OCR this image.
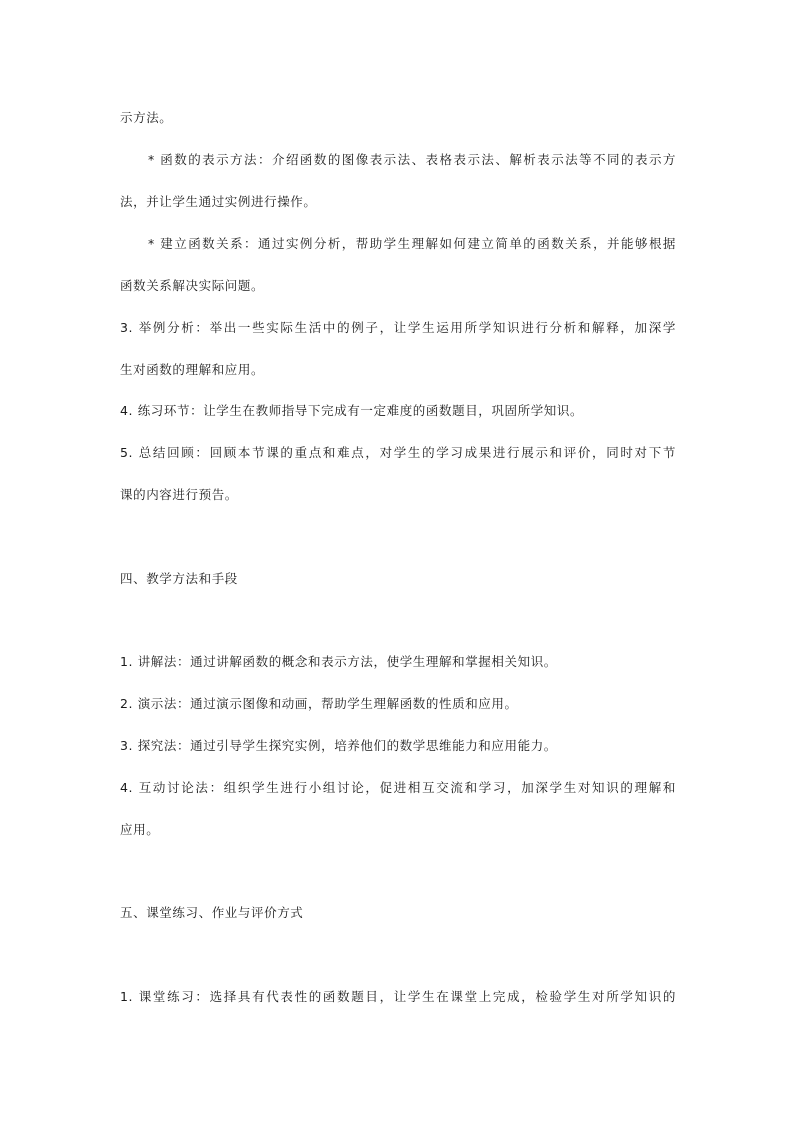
示方法。
* 函数的表示方法：介绍函数的图像表示法、表格表示法、解析表示法等不同的表示方
法，并让学生通过实例进行操作。
* 建立函数关系：通过实例分析，帮助学生理解如何建立简单的函数关系，并能够根据
函数关系解决实际问题。
3. 举例分析：举出一些实际生活中的例子，让学生运用所学知识进行分析和解释，加深学
生对函数的理解和应用。
4. 练习环节：让学生在教师指导下完成有一定难度的函数题目，巩固所学知识。
5. 总结回顾：回顾本节课的重点和难点，对学生的学习成果进行展示和评价，同时对下节
课的内容进行预告。
四、教学方法和手段
1. 讲解法：通过讲解函数的概念和表示方法，使学生理解和掌握相关知识。
2. 演示法：通过演示图像和动画，帮助学生理解函数的性质和应用。
3. 探究法：通过引导学生探究实例，培养他们的数学思维能力和应用能力。
4. 互动讨论法：组织学生进行小组讨论，促进相互交流和学习，加深学生对知识的理解和
应用。
五、课堂练习、作业与评价方式
1. 课堂练习：选择具有代表性的函数题目，让学生在课堂上完成，检验学生对所学知识的
